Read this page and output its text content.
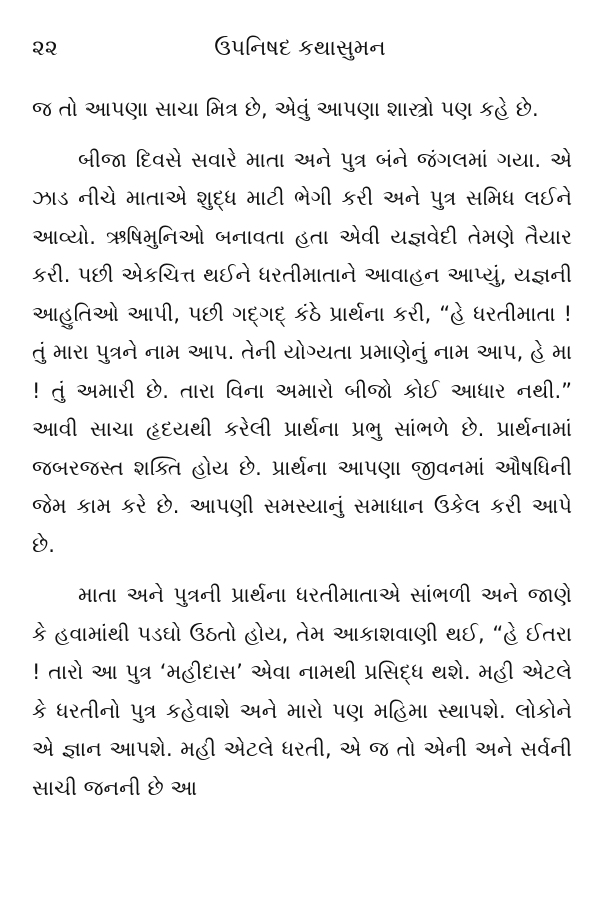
૨૨	ઉપનિષદ કથાસુમન

જ તો આપણા સાચા મિત્ર છે, એવું આપણા શાસ્ત્રો પણ કહે છે.

બીજા દિવસે સવારે માતા અને પુત્ર બંને જંગલમાં ગયા. એ ઝાડ નીચે માતાએ શુદ્ધ માટી ભેગી કરી અને પુત્ર સમિધ લઈને આવ્યો. ઋષિમુનિઓ બનાવતા હતા એવી યજ્ઞવેદી તેમણે તૈયાર કરી. પછી એકચિત્ત થઈને ધરતીમાતાને આવાહન આપ્યું, યજ્ઞની આહુતિઓ આપી, પછી ગદ્‌ગદ્‌ કંઠે પ્રાર્થના કરી, “હે ધરતીમાતા ! તું મારા પુત્રને નામ આપ. તેની યોગ્યતા પ્રમાણેનું નામ આપ, હે મા ! તું અમારી છે. તારા વિના અમારો બીજો કોઈ આધાર નથી.” આવી સાચા હૃદયથી કરેલી પ્રાર્થના પ્રભુ સાંભળે છે. પ્રાર્થનામાં જબરજસ્ત શક્તિ હોય છે. પ્રાર્થના આપણા જીવનમાં ઔષધિની જેમ કામ કરે છે. આપણી સમસ્યાનું સમાધાન ઉકેલ કરી આપે છે.

માતા અને પુત્રની પ્રાર્થના ધરતીમાતાએ સાંભળી અને જાણે કે હવામાંથી પડઘો ઉઠતો હોય, તેમ આકાશવાણી થઈ, “હે ઈતરા ! તારો આ પુત્ર ‘મહીદાસ’ એવા નામથી પ્રસિદ્ધ થશે. મહી એટલે કે ધરતીનો પુત્ર કહેવાશે અને મારો પણ મહિમા સ્થાપશે. લોકોને એ જ્ઞાન આપશે. મહી એટલે ધરતી, એ જ તો એની અને સર્વની સાચી જનની છે આ
